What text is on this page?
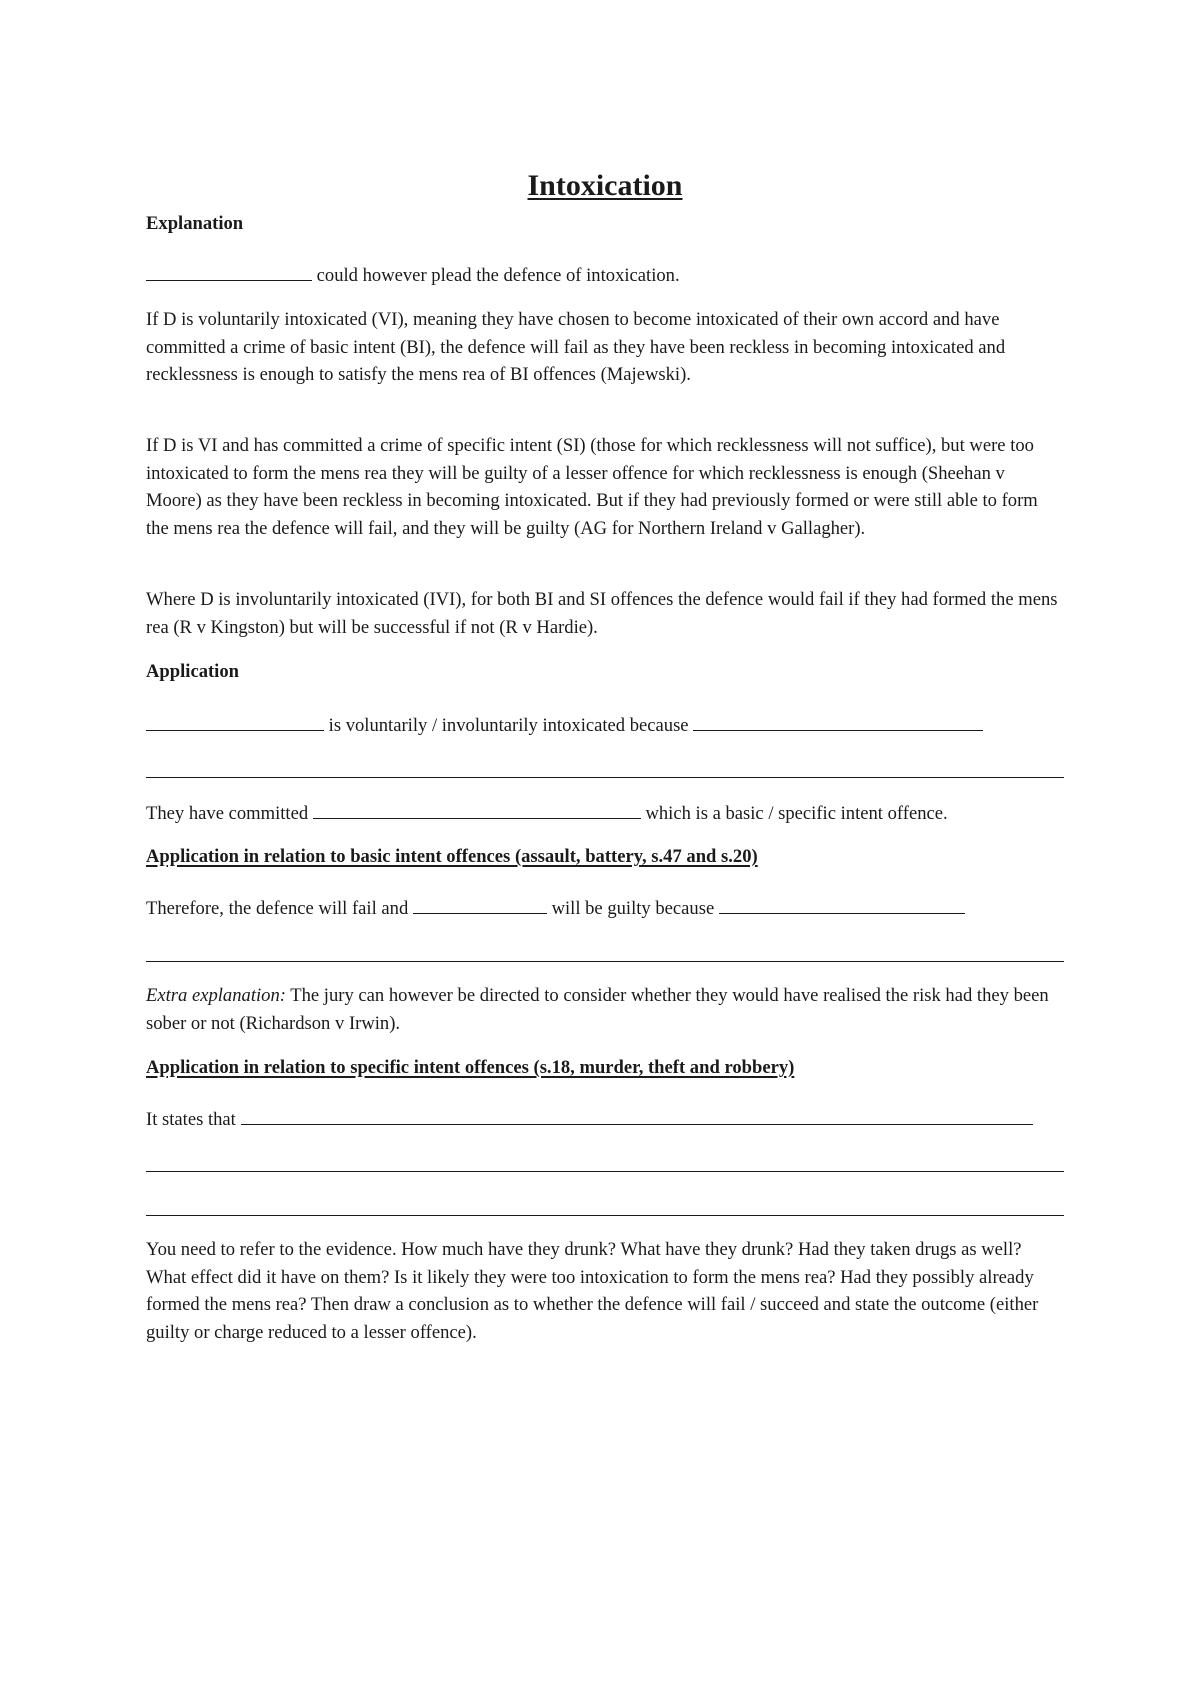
Intoxication
Explanation
could however plead the defence of intoxication.

If D is voluntarily intoxicated (VI), meaning they have chosen to become intoxicated of their own accord and have committed a crime of basic intent (BI), the defence will fail as they have been reckless in becoming intoxicated and recklessness is enough to satisfy the mens rea of BI offences (Majewski).

If D is VI and has committed a crime of specific intent (SI) (those for which recklessness will not suffice), but were too intoxicated to form the mens rea they will be guilty of a lesser offence for which recklessness is enough (Sheehan v Moore) as they have been reckless in becoming intoxicated. But if they had previously formed or were still able to form the mens rea the defence will fail, and they will be guilty (AG for Northern Ireland v Gallagher).

Where D is involuntarily intoxicated (IVI), for both BI and SI offences the defence would fail if they had formed the mens rea (R v Kingston) but will be successful if not (R v Hardie).

Application
is voluntarily / involuntarily intoxicated because
They have committed	which is a basic / specific intent offence.
Application in relation to basic intent offences (assault, battery, s.47 and s.20)
Therefore, the defence will fail and	will be guilty because

Extra explanation: The jury can however be directed to consider whether they would have realised the risk had they been sober or not (Richardson v Irwin).

Application in relation to specific intent offences (s.18, murder, theft and robbery)
It states that

You need to refer to the evidence. How much have they drunk? What have they drunk? Had they taken drugs as well? What effect did it have on them? Is it likely they were too intoxication to form the mens rea? Had they possibly already formed the mens rea? Then draw a conclusion as to whether the defence will fail / succeed and state the outcome (either guilty or charge reduced to a lesser offence).
